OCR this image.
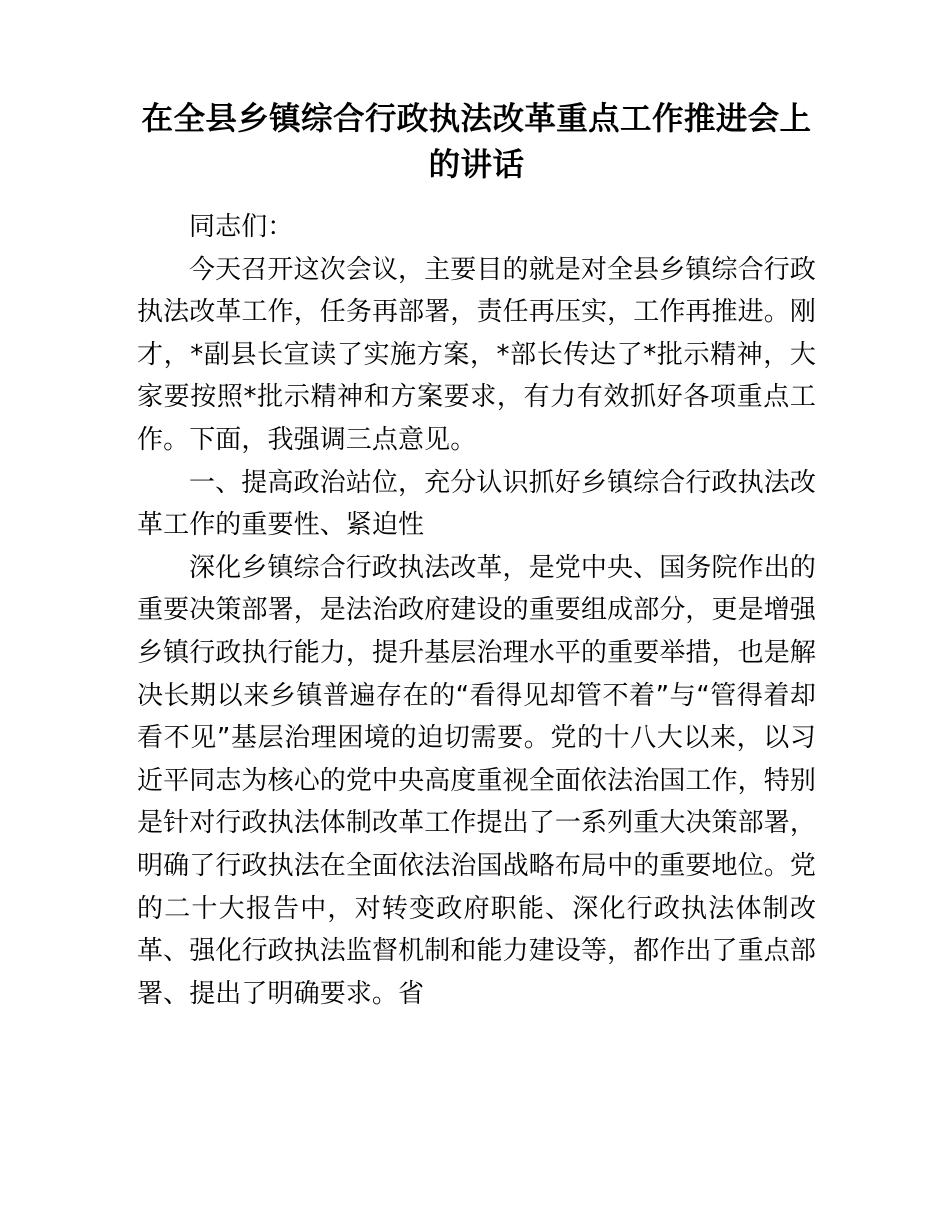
在全县乡镇综合行政执法改革重点工作推进会上的讲话

同志们：

今天召开这次会议，主要目的就是对全县乡镇综合行政执法改革工作，任务再部署，责任再压实，工作再推进。刚才，*副县长宣读了实施方案，*部长传达了*批示精神，大家要按照*批示精神和方案要求，有力有效抓好各项重点工作。下面，我强调三点意见。

一、提高政治站位，充分认识抓好乡镇综合行政执法改革工作的重要性、紧迫性

深化乡镇综合行政执法改革，是党中央、国务院作出的重要决策部署，是法治政府建设的重要组成部分，更是增强乡镇行政执行能力，提升基层治理水平的重要举措，也是解决长期以来乡镇普遍存在的“看得见却管不着”与“管得着却看不见”基层治理困境的迫切需要。党的十八大以来，以习近平同志为核心的党中央高度重视全面依法治国工作，特别是针对行政执法体制改革工作提出了一系列重大决策部署，明确了行政执法在全面依法治国战略布局中的重要地位。党的二十大报告中，对转变政府职能、深化行政执法体制改革、强化行政执法监督机制和能力建设等，都作出了重点部署、提出了明确要求。省
